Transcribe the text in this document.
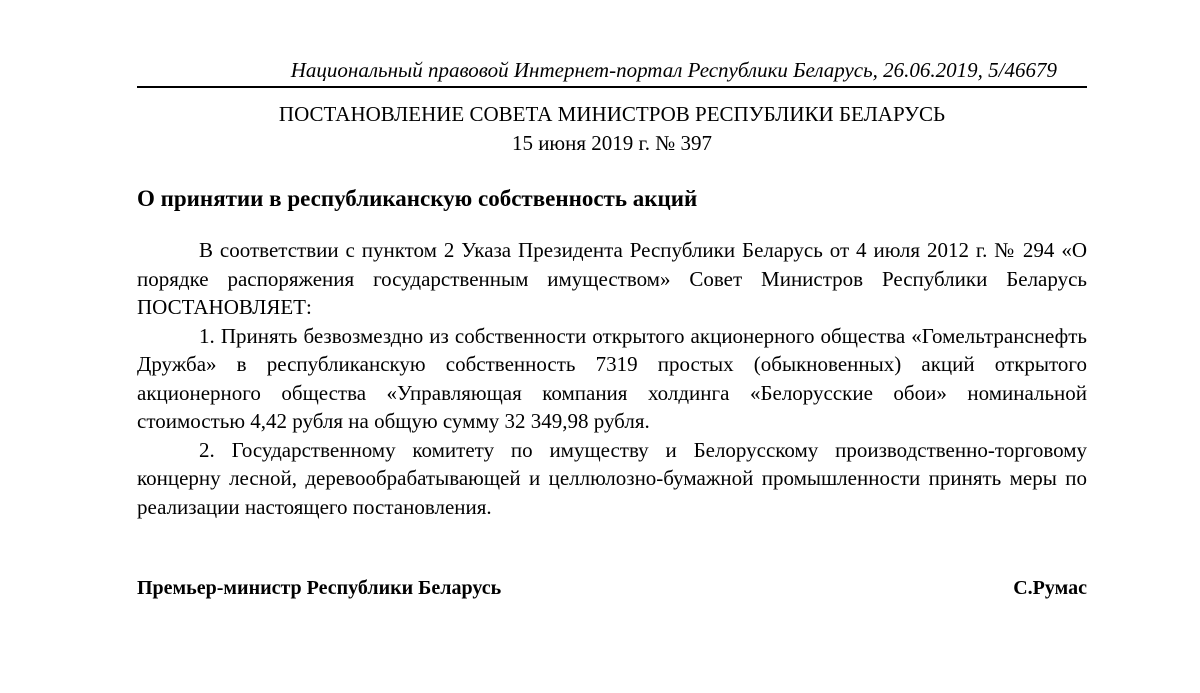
Национальный правовой Интернет-портал Республики Беларусь, 26.06.2019, 5/46679
ПОСТАНОВЛЕНИЕ СОВЕТА МИНИСТРОВ РЕСПУБЛИКИ БЕЛАРУСЬ
15 июня 2019 г. № 397
О принятии в республиканскую собственность акций

В соответствии с пунктом 2 Указа Президента Республики Беларусь от 4 июля 2012 г. № 294 «О порядке распоряжения государственным имуществом» Совет Министров Республики Беларусь ПОСТАНОВЛЯЕТ:

1. Принять безвозмездно из собственности открытого акционерного общества «Гомельтранснефть Дружба» в республиканскую собственность 7319 простых (обыкновенных) акций открытого акционерного общества «Управляющая компания холдинга «Белорусские обои» номинальной стоимостью 4,42 рубля на общую сумму 32 349,98 рубля.

2. Государственному комитету по имуществу и Белорусскому производственно-торговому концерну лесной, деревообрабатывающей и целлюлозно-бумажной промышленности принять меры по реализации настоящего постановления.

Премьер-министр Республики Беларусь	С.Румас
